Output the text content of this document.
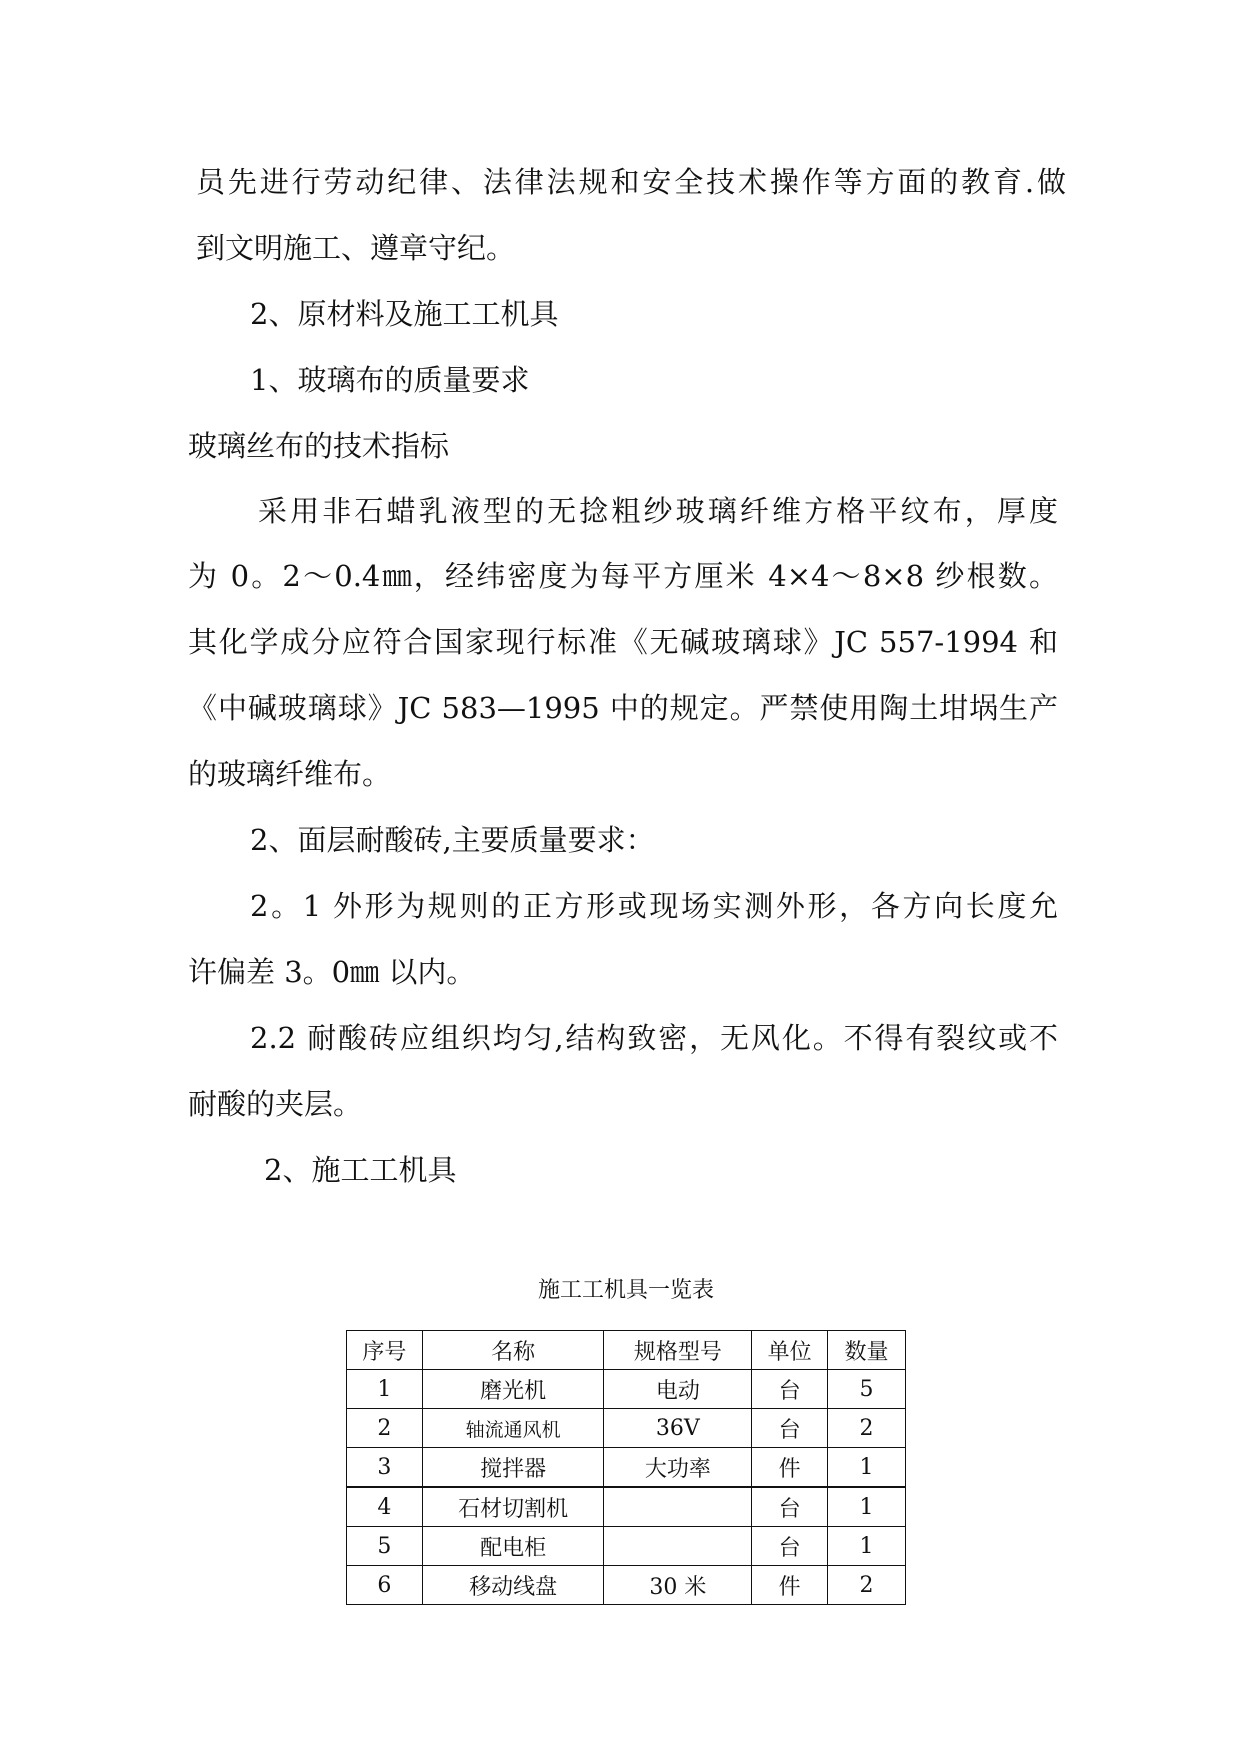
员先进行劳动纪律、法律法规和安全技术操作等方面的教育.做
到文明施工、遵章守纪。
2、原材料及施工工机具
1、玻璃布的质量要求
玻璃丝布的技术指标
采用非石蜡乳液型的无捻粗纱玻璃纤维方格平纹布，厚度
为 0。2～0.4㎜，经纬密度为每平方厘米 4×4～8×8 纱根数。
其化学成分应符合国家现行标准《无碱玻璃球》JC 557-1994 和
《中碱玻璃球》JC 583—1995 中的规定。严禁使用陶土坩埚生产
的玻璃纤维布。
2、面层耐酸砖,主要质量要求：
2。1 外形为规则的正方形或现场实测外形，各方向长度允
许偏差 3。0㎜ 以内。
2.2 耐酸砖应组织均匀,结构致密，无风化。不得有裂纹或不
耐酸的夹层。
2、施工工机具
施工工机具一览表
序号	名称	规格型号	单位	数量
1	磨光机	电动	台	5
2	轴流通风机	36V	台	2
3	搅拌器	大功率	件	1
4	石材切割机		台	1
5	配电柜		台	1
6	移动线盘	30 米	件	2
